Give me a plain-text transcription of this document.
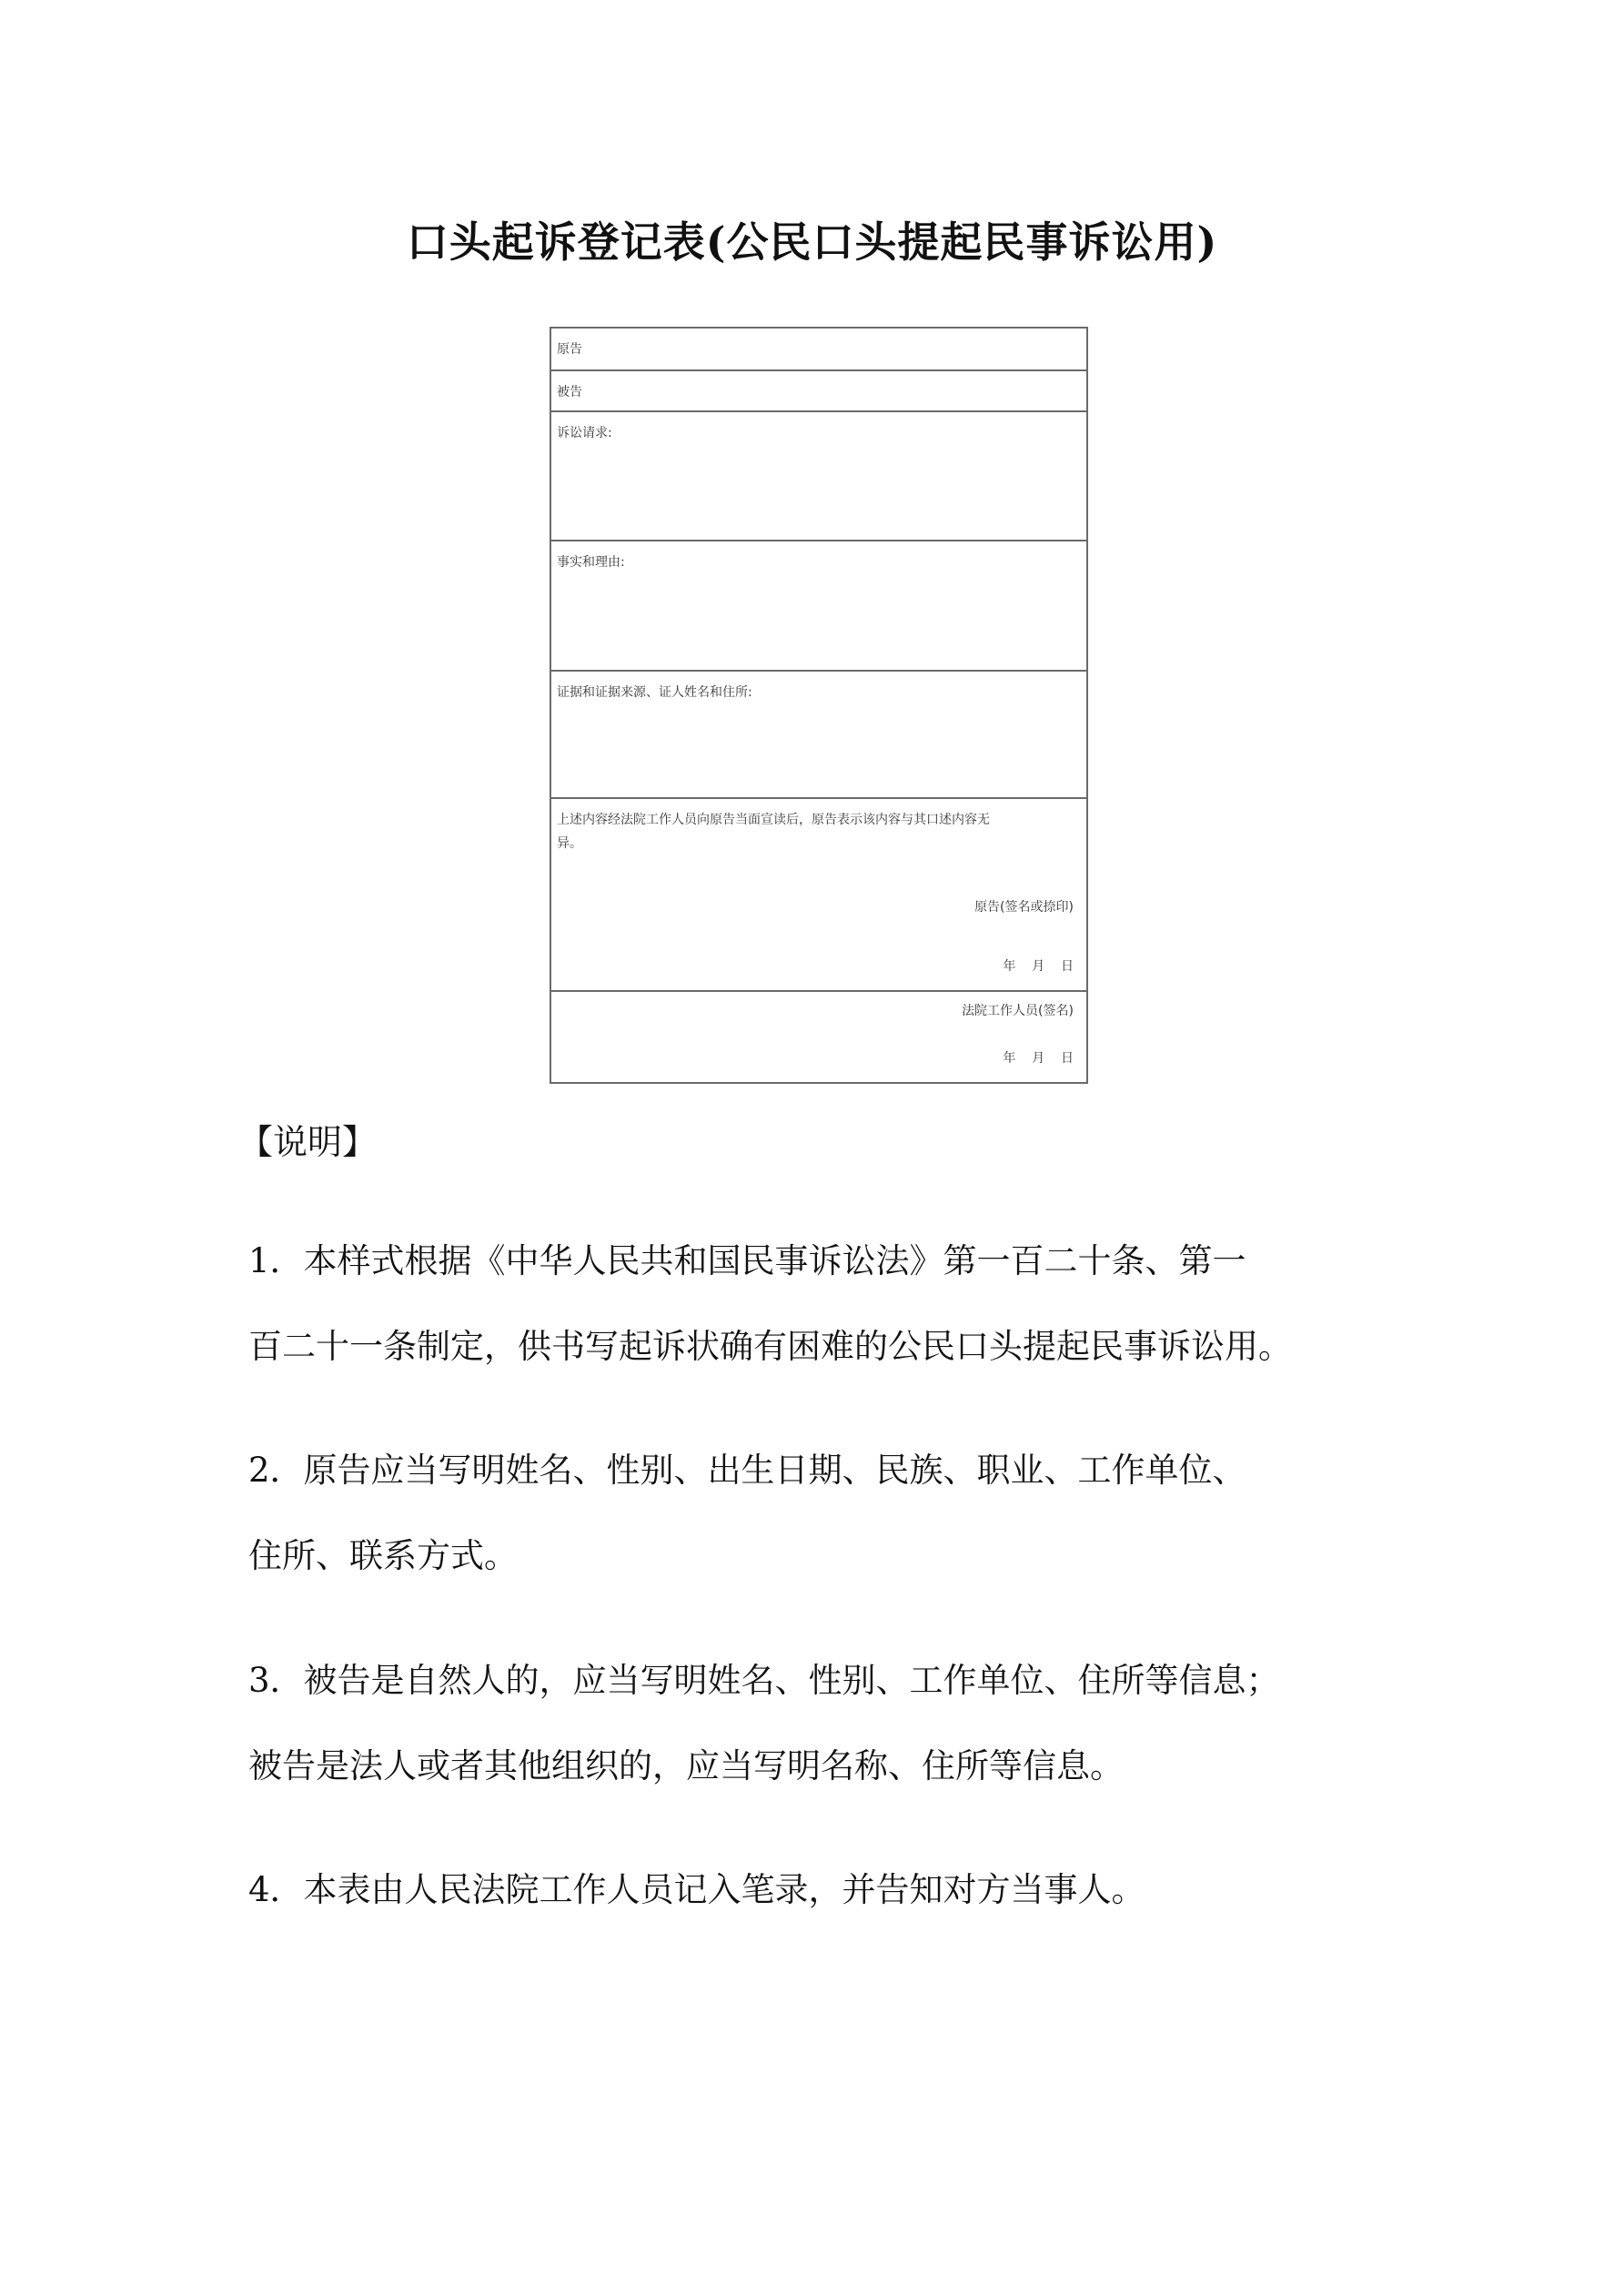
口头起诉登记表(公民口头提起民事诉讼用)
原告
被告
诉讼请求:
事实和理由:
证据和证据来源、证人姓名和住所:
上述内容经法院工作人员向原告当面宣读后，原告表示该内容与其口述内容无
异。
原告(签名或捺印)
年    月    日
法院工作人员(签名)
年    月    日
【说明】
1．本样式根据《中华人民共和国民事诉讼法》第一百二十条、第一
百二十一条制定，供书写起诉状确有困难的公民口头提起民事诉讼用。
2．原告应当写明姓名、性别、出生日期、民族、职业、工作单位、
住所、联系方式。
3．被告是自然人的，应当写明姓名、性别、工作单位、住所等信息；
被告是法人或者其他组织的，应当写明名称、住所等信息。
4．本表由人民法院工作人员记入笔录，并告知对方当事人。
